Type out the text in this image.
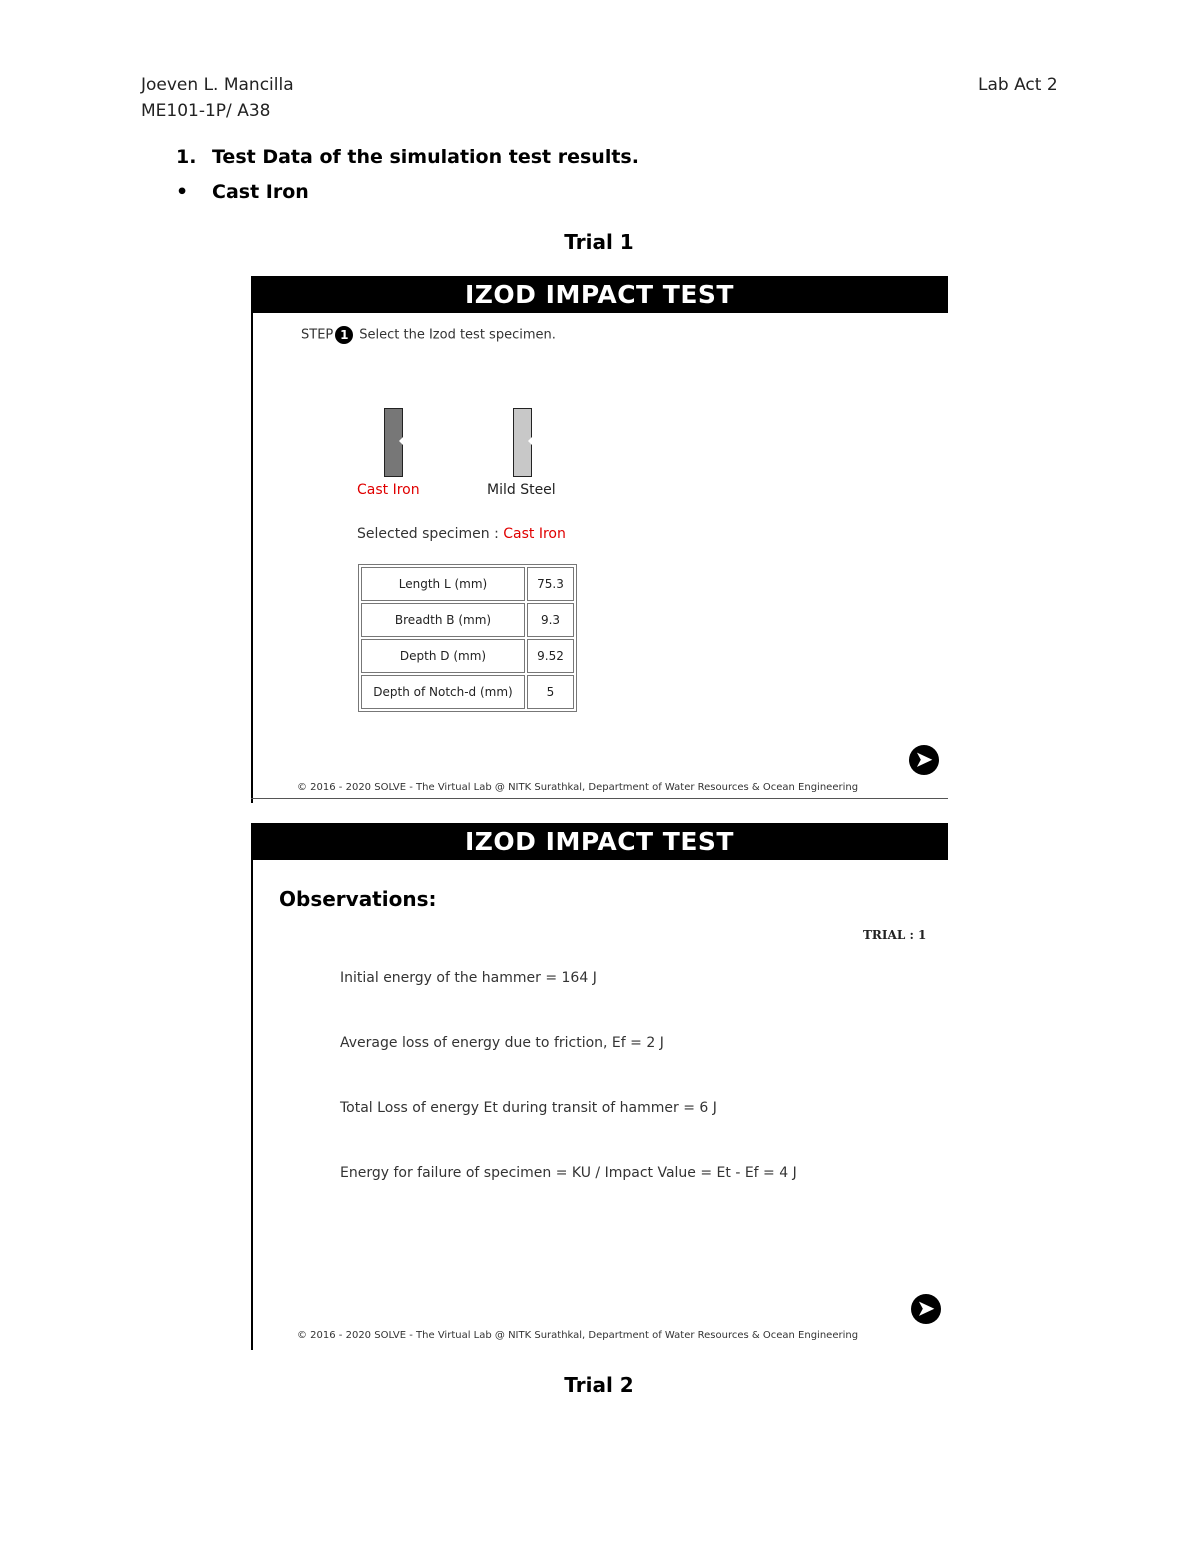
Joeven L. Mancilla
ME101-1P/ A38
Lab Act 2
1. Test Data of the simulation test results.
• Cast Iron
Trial 1
IZOD IMPACT TEST
STEP 1 Select the Izod test specimen.
Cast Iron	Mild Steel
Selected specimen : Cast Iron
Length L (mm)	75.3
Breadth B (mm)	9.3
Depth D (mm)	9.52
Depth of Notch-d (mm)	5
➤
© 2016 - 2020 SOLVE - The Virtual Lab @ NITK Surathkal, Department of Water Resources & Ocean Engineering
IZOD IMPACT TEST
Observations:
TRIAL : 1
Initial energy of the hammer = 164 J
Average loss of energy due to friction, Ef = 2 J
Total Loss of energy Et during transit of hammer = 6 J
Energy for failure of specimen = KU / Impact Value = Et - Ef = 4 J
➤
© 2016 - 2020 SOLVE - The Virtual Lab @ NITK Surathkal, Department of Water Resources & Ocean Engineering
Trial 2
